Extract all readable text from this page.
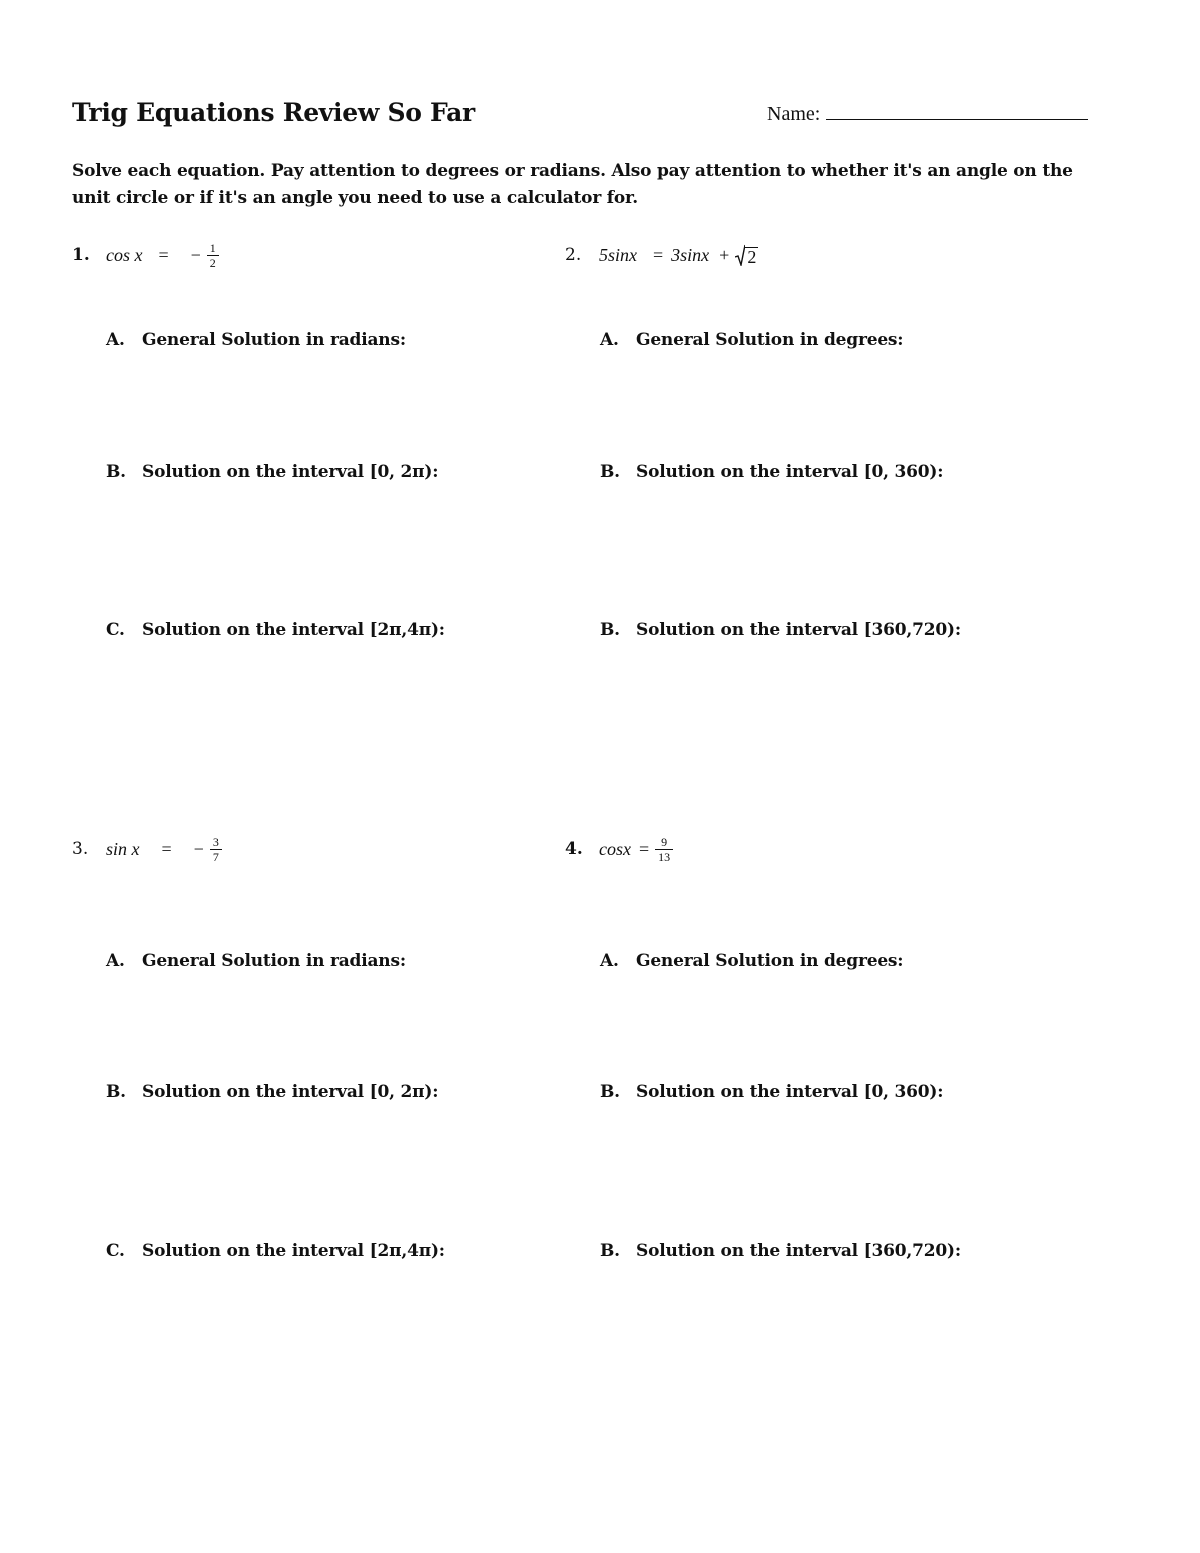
Trig Equations Review So Far	Name:
Solve each equation. Pay attention to degrees or radians. Also pay attention to whether it's an angle on the unit circle or if it's an angle you need to use a calculator for.
1. cos x = − $\frac{1}{2}$
A. General Solution in radians:
B. Solution on the interval [0, 2π):
C. Solution on the interval [2π,4π):
2. 5sinx = 3sinx + 2
A. General Solution in degrees:
B. Solution on the interval [0, 360):
B. Solution on the interval [360,720):
3. sin x = − $\frac{3}{7}$
A. General Solution in radians:
B. Solution on the interval [0, 2π):
C. Solution on the interval [2π,4π):
4. $\cos x = \frac{9}{13}$
A. General Solution in degrees:
B. Solution on the interval [0, 360):
B. Solution on the interval [360,720):
